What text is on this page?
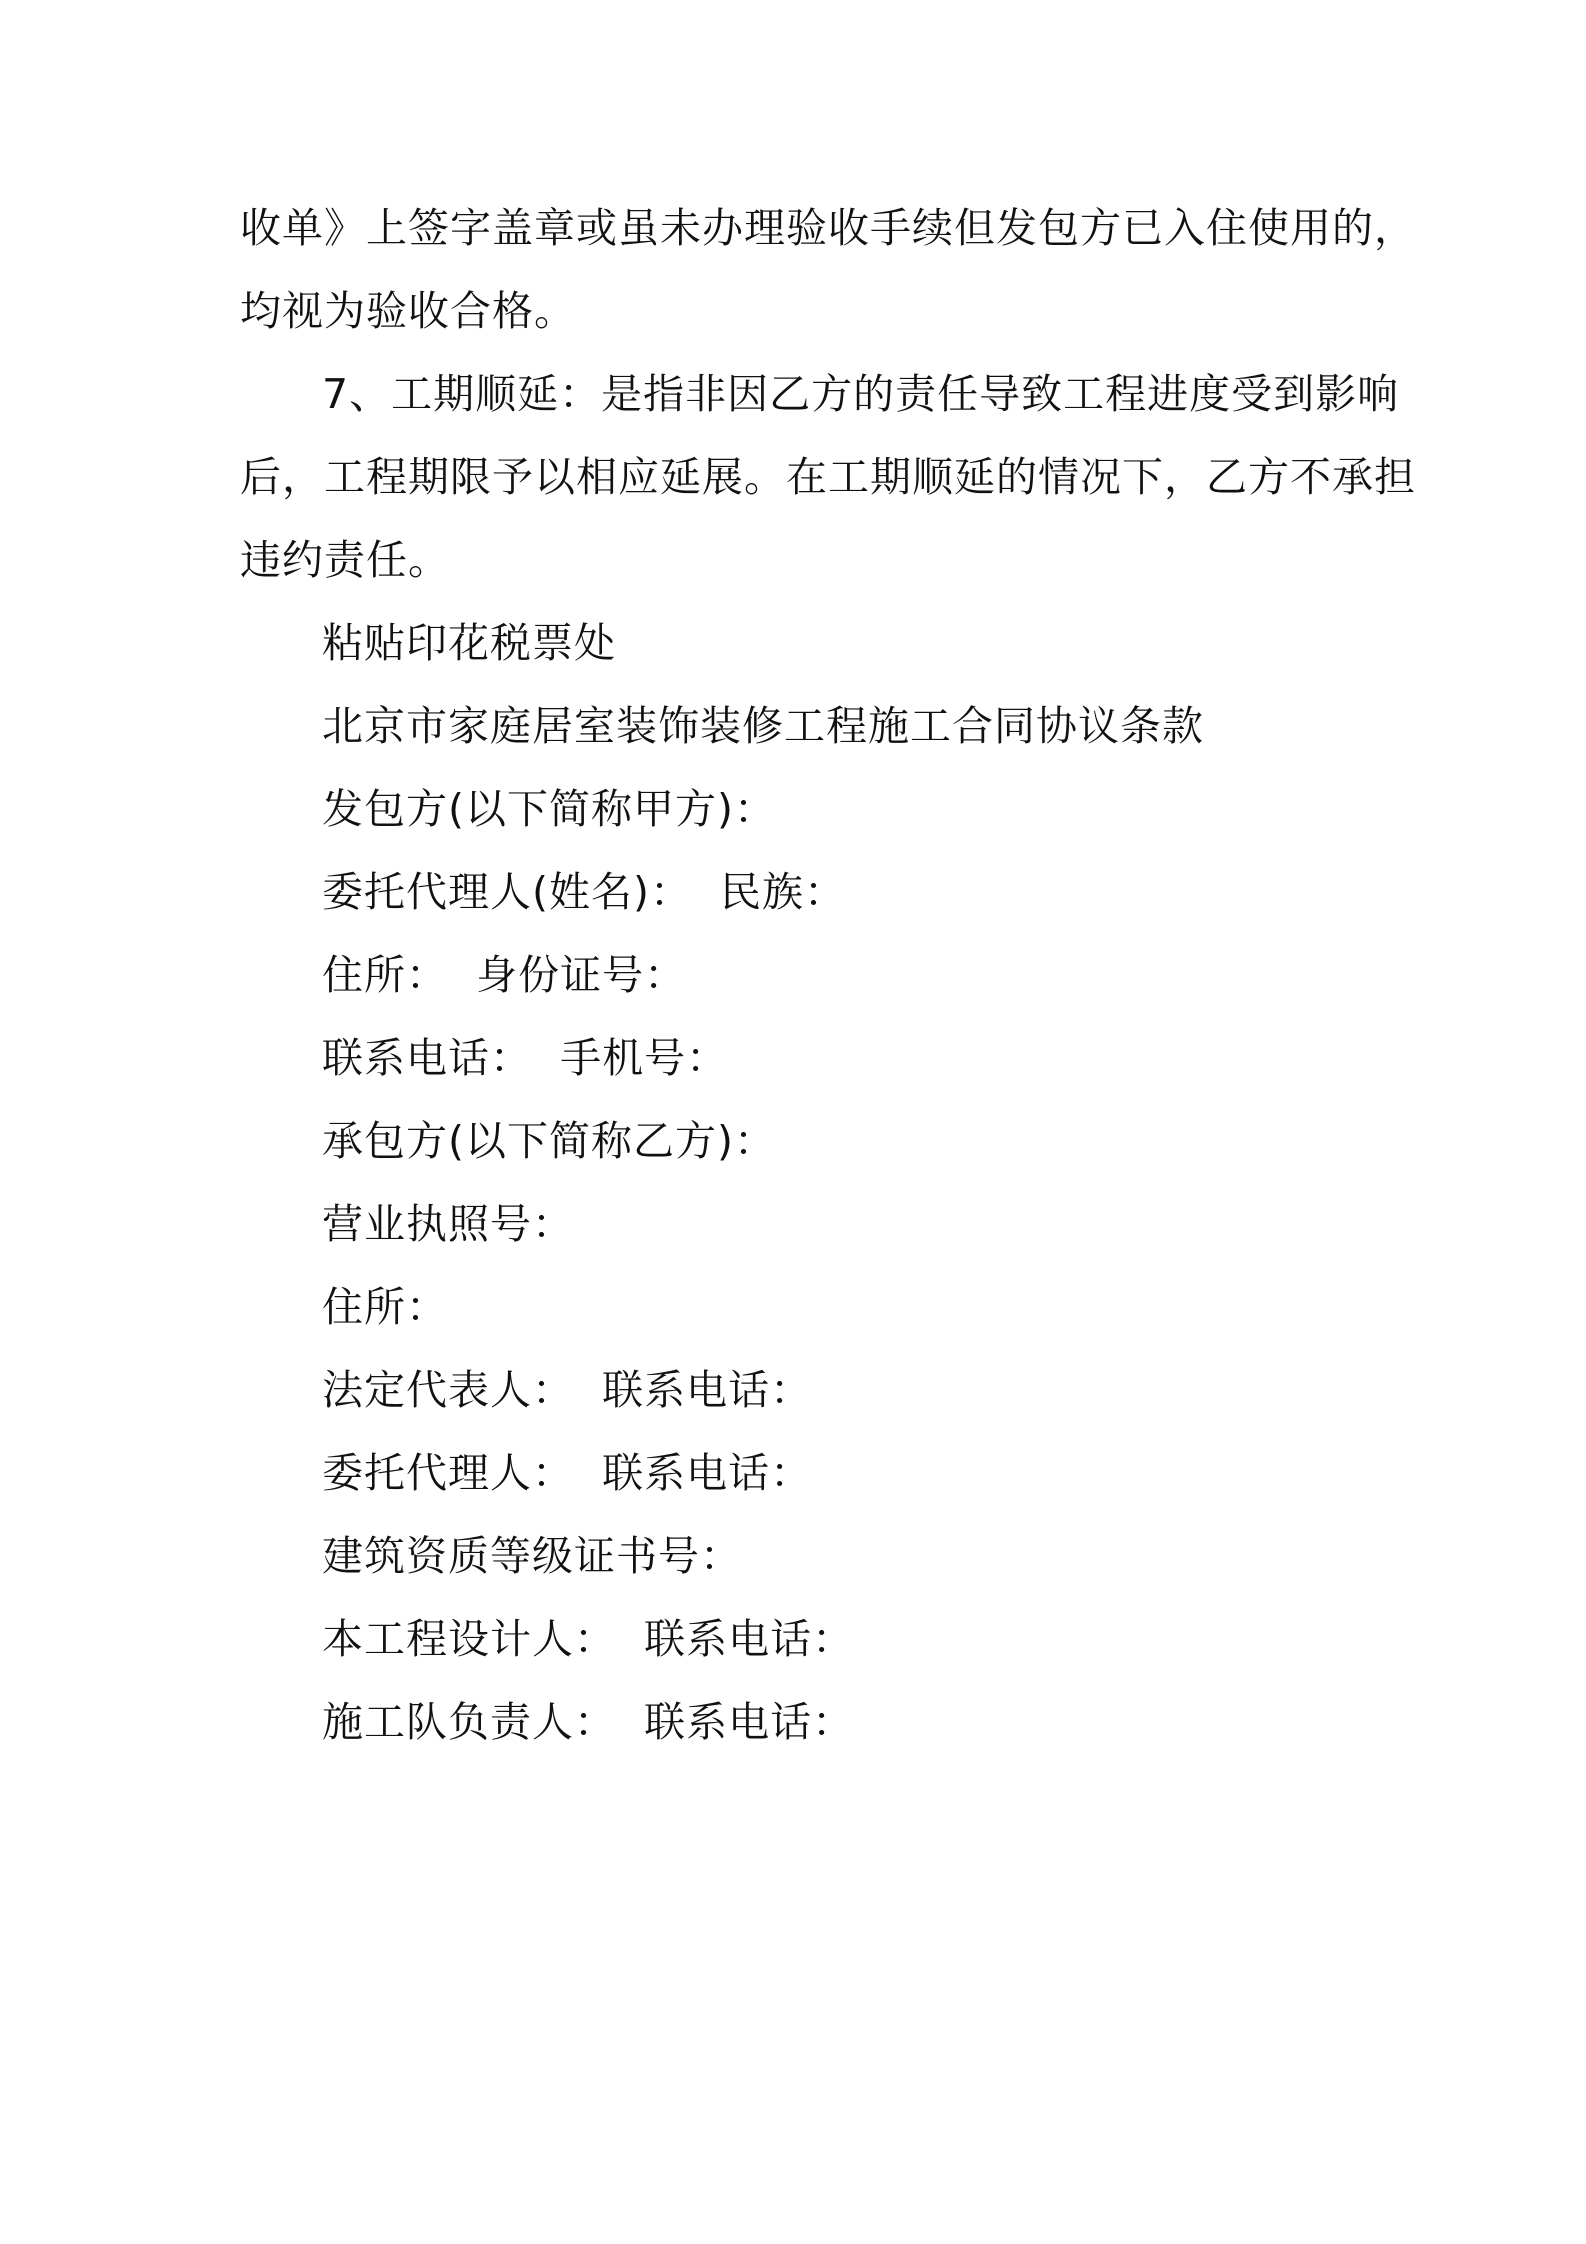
收单》上签字盖章或虽未办理验收手续但发包方已入住使用的，
均视为验收合格。
7、工期顺延：是指非因乙方的责任导致工程进度受到影响
后，工程期限予以相应延展。在工期顺延的情况下，乙方不承担
违约责任。
粘贴印花税票处
北京市家庭居室装饰装修工程施工合同协议条款
发包方(以下简称甲方)：
委托代理人(姓名)：  民族：
住所：  身份证号：
联系电话：  手机号：
承包方(以下简称乙方)：
营业执照号：
住所：
法定代表人：  联系电话：
委托代理人：  联系电话：
建筑资质等级证书号：
本工程设计人：  联系电话：
施工队负责人：  联系电话：
